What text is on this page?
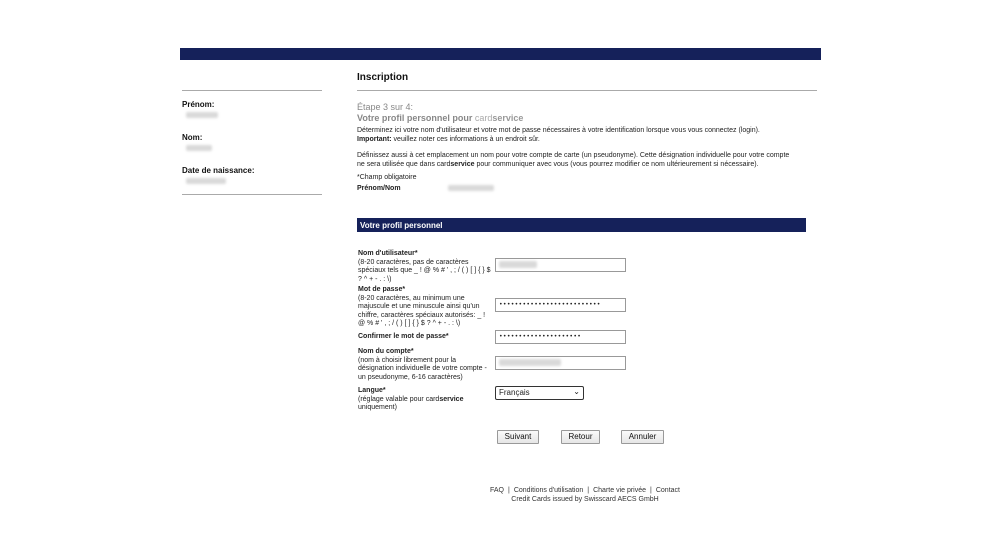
Prénom:
Nom:
Date de naissance:
Inscription
Étape 3 sur 4:
Votre profil personnel pour cardservice

Déterminez ici votre nom d'utilisateur et votre mot de passe nécessaires à votre identification lorsque vous vous connectez (login).
Important: veuillez noter ces informations à un endroit sûr.

Définissez aussi à cet emplacement un nom pour votre compte de carte (un pseudonyme). Cette désignation individuelle pour votre compte ne sera utilisée que dans cardservice pour communiquer avec vous (vous pourrez modifier ce nom ultérieurement si nécessaire).

*Champ obligatoire
Prénom/Nom
Votre profil personnel
Nom d'utilisateur*
(8-20 caractères, pas de caractères spéciaux tels que _ ! @ % # ' , ; / ( ) [ ] { } $ ? ^ + - . : \)
Mot de passe*
(8-20 caractères, au minimum une majuscule et une minuscule ainsi qu'un chiffre, caractères spéciaux autorisés: _ ! @ % # ' , ; / ( ) [ ] { } $ ? ^ + - . : \)
••••••••••••••••••••••••••
Confirmer le mot de passe*	•••••••••••••••••••••
Nom du compte*
(nom à choisir librement pour la désignation individuelle de votre compte - un pseudonyme, 6-16 caractères)
Langue*
(réglage valable pour cardservice uniquement)
Français	⌄
Suivant	Retour	Annuler
FAQ | Conditions d'utilisation | Charte vie privée | Contact
Credit Cards issued by Swisscard AECS GmbH
